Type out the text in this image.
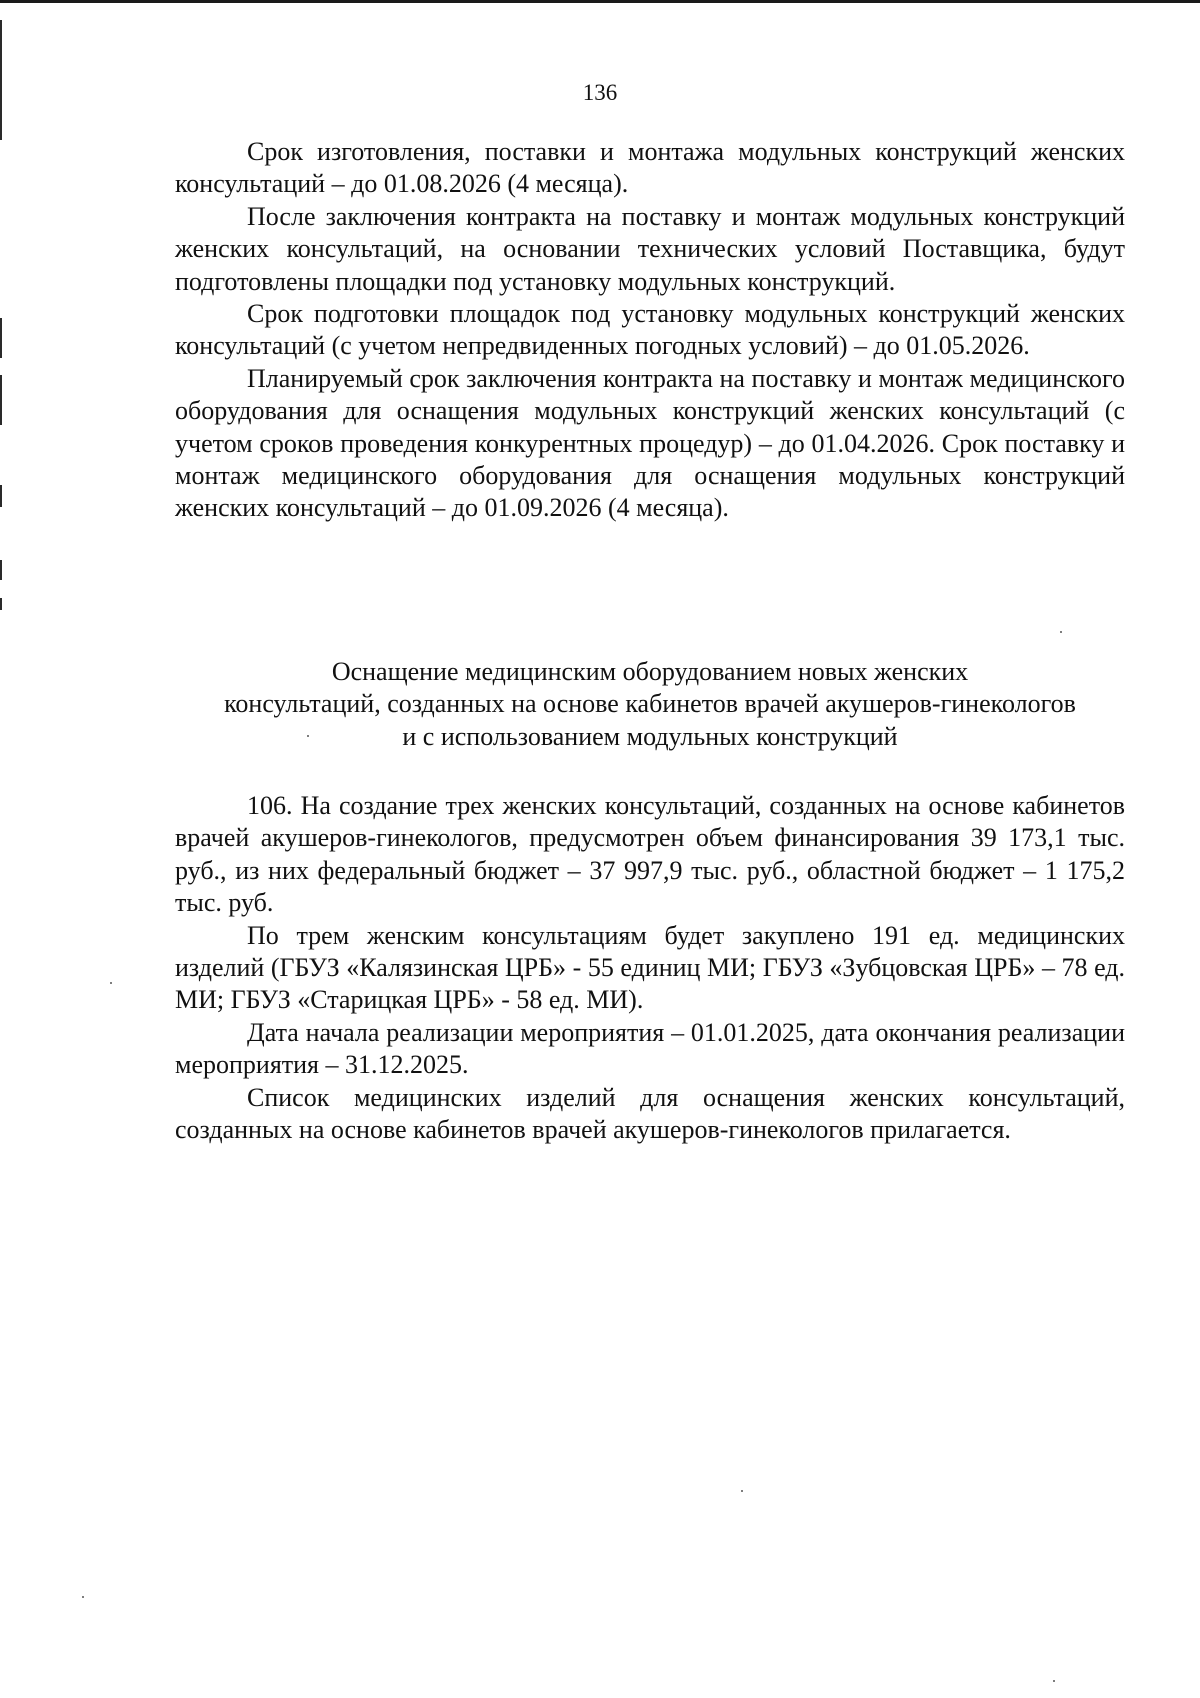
136

Срок изготовления, поставки и монтажа модульных конструкций женских консультаций – до 01.08.2026 (4 месяца).

После заключения контракта на поставку и монтаж модульных конструкций женских консультаций, на основании технических условий Поставщика, будут подготовлены площадки под установку модульных конструкций.

Срок подготовки площадок под установку модульных конструкций женских консультаций (с учетом непредвиденных погодных условий) – до 01.05.2026.

Планируемый срок заключения контракта на поставку и монтаж медицинского оборудования для оснащения модульных конструкций женских консультаций (с учетом сроков проведения конкурентных процедур) – до 01.04.2026. Срок поставку и монтаж медицинского оборудования для оснащения модульных конструкций женских консультаций – до 01.09.2026 (4 месяца).

Оснащение медицинским оборудованием новых женских
консультаций, созданных на основе кабинетов врачей акушеров-гинекологов
и с использованием модульных конструкций

106. На создание трех женских консультаций, созданных на основе кабинетов врачей акушеров-гинекологов, предусмотрен объем финансирования 39 173,1 тыс. руб., из них федеральный бюджет – 37 997,9 тыс. руб., областной бюджет – 1 175,2 тыс. руб.

По трем женским консультациям будет закуплено 191 ед. медицинских изделий (ГБУЗ «Калязинская ЦРБ» - 55 единиц МИ; ГБУЗ «Зубцовская ЦРБ» – 78 ед. МИ; ГБУЗ «Старицкая ЦРБ» - 58 ед. МИ).

Дата начала реализации мероприятия – 01.01.2025, дата окончания реализации мероприятия – 31.12.2025.

Список медицинских изделий для оснащения женских консультаций, созданных на основе кабинетов врачей акушеров-гинекологов прилагается.
